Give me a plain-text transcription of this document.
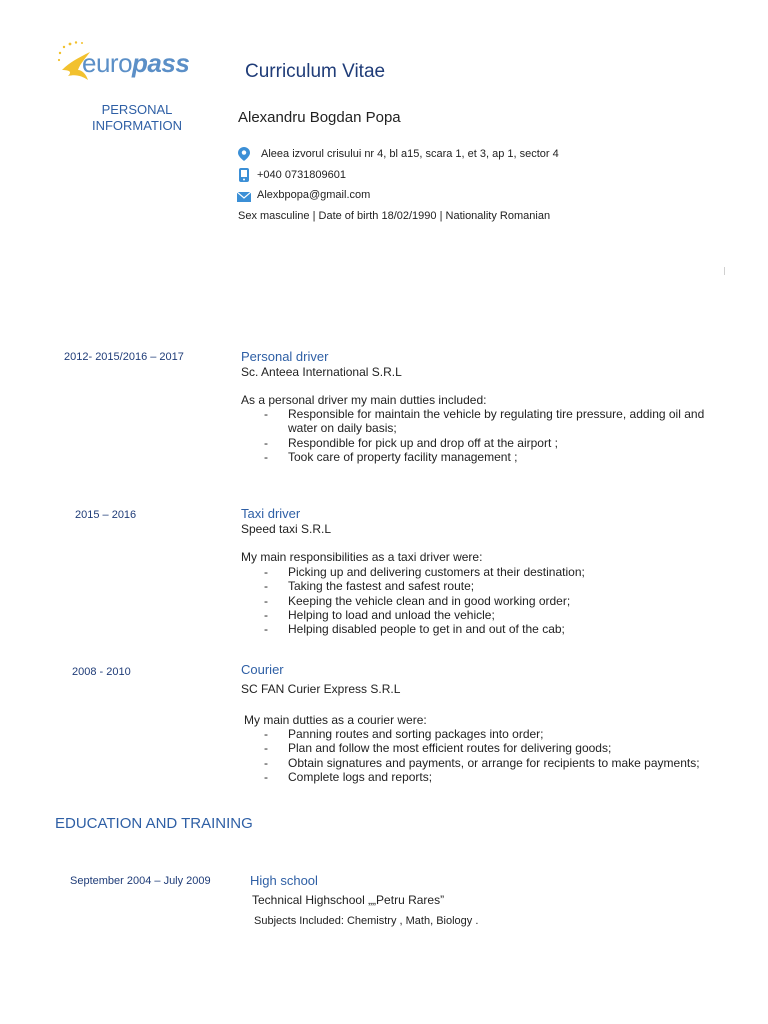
europass	Curriculum Vitae
PERSONAL
INFORMATION	Alexandru Bogdan Popa
Aleea izvorul crisului nr 4, bl a15, scara 1, et 3, ap 1, sector 4
+040 0731809601
Alexbpopa@gmail.com
Sex masculine | Date of birth 18/02/1990 | Nationality Romanian
2012- 2015/2016 – 2017	Personal driver
Sc. Anteea International S.R.L
As a personal driver my main dutties included:
- Responsible for maintain the vehicle by regulating tire pressure, adding oil and
water on daily basis;
- Respondible for pick up and drop off at the airport ;
- Took care of property facility management ;
2015 – 2016	Taxi driver
Speed taxi S.R.L
My main responsibilities as a taxi driver were:
- Picking up and delivering customers at their destination;
- Taking the fastest and safest route;
- Keeping the vehicle clean and in good working order;
- Helping to load and unload the vehicle;
- Helping disabled people to get in and out of the cab;
2008 - 2010	Courier
SC FAN Curier Express S.R.L
My main dutties as a courier were:
- Panning routes and sorting packages into order;
- Plan and follow the most efficient routes for delivering goods;
- Obtain signatures and payments, or arrange for recipients to make payments;
- Complete logs and reports;
EDUCATION AND TRAINING
September 2004 – July 2009	High school
Technical Highschool „„Petru Rares”
Subjects Included: Chemistry , Math, Biology .
